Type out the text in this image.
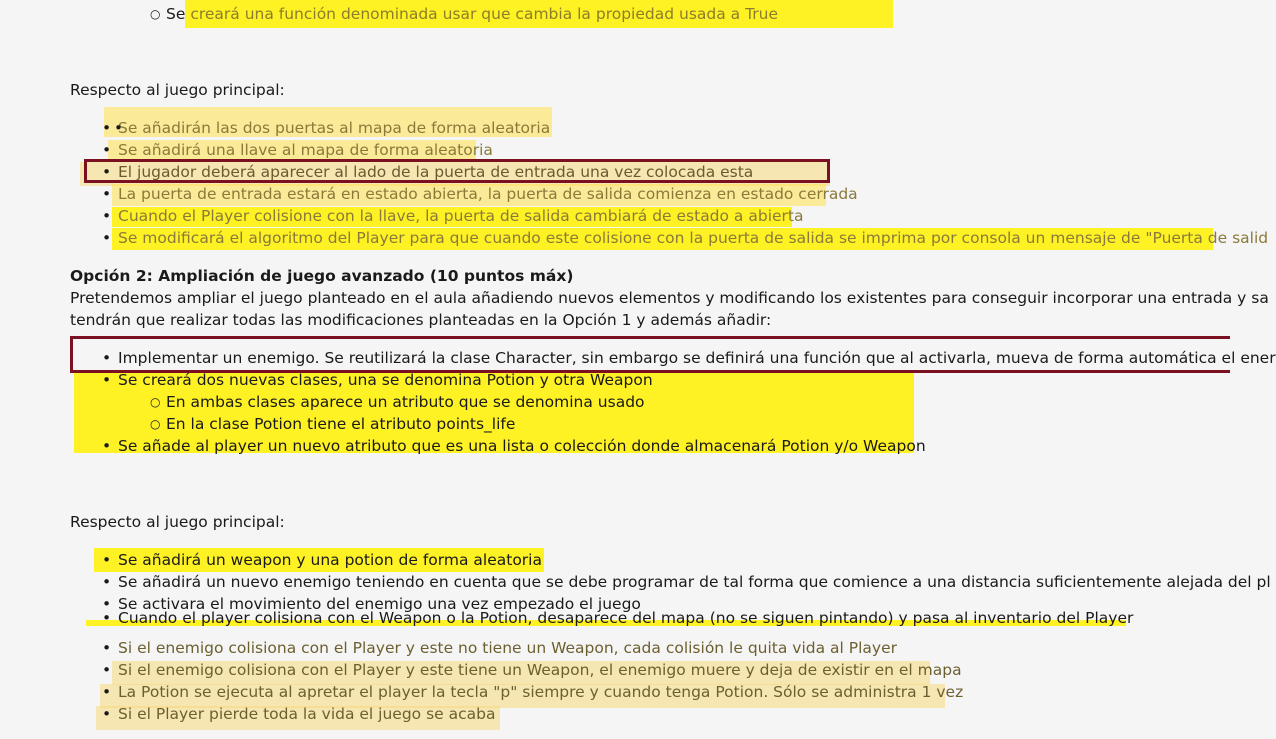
○ Se creará una función denominada usar que cambia la propiedad usada a True
Respecto al juego principal:
• • Se añadirán las dos puertas al mapa de forma aleatoria
• Se añadirá una llave al mapa de forma aleatoria
• El jugador deberá aparecer al lado de la puerta de entrada una vez colocada esta
• La puerta de entrada estará en estado abierta, la puerta de salida comienza en estado cerrada
• Cuando el Player colisione con la llave, la puerta de salida cambiará de estado a abierta
• Se modificará el algoritmo del Player para que cuando este colisione con la puerta de salida se imprima por consola un mensaje de "Puerta de salid
Opción 2: Ampliación de juego avanzado (10 puntos máx)
Pretendemos ampliar el juego planteado en el aula añadiendo nuevos elementos y modificando los existentes para conseguir incorporar una entrada y sa
tendrán que realizar todas las modificaciones planteadas en la Opción 1 y además añadir:
• Implementar un enemigo. Se reutilizará la clase Character, sin embargo se definirá una función que al activarla, mueva de forma automática el ener
• Se creará dos nuevas clases, una se denomina Potion y otra Weapon
○ En ambas clases aparece un atributo que se denomina usado
○ En la clase Potion tiene el atributo points_life
• Se añade al player un nuevo atributo que es una lista o colección donde almacenará Potion y/o Weapon
Respecto al juego principal:
• Se añadirá un weapon y una potion de forma aleatoria
• Se añadirá un nuevo enemigo teniendo en cuenta que se debe programar de tal forma que comience a una distancia suficientemente alejada del pl
• Se activara el movimiento del enemigo una vez empezado el juego
• Cuando el player colisiona con el Weapon o la Potion, desaparece del mapa (no se siguen pintando) y pasa al inventario del Player
• Si el enemigo colisiona con el Player y este no tiene un Weapon, cada colisión le quita vida al Player
• Si el enemigo colisiona con el Player y este tiene un Weapon, el enemigo muere y deja de existir en el mapa
• La Potion se ejecuta al apretar el player la tecla "p" siempre y cuando tenga Potion. Sólo se administra 1 vez
• Si el Player pierde toda la vida el juego se acaba
